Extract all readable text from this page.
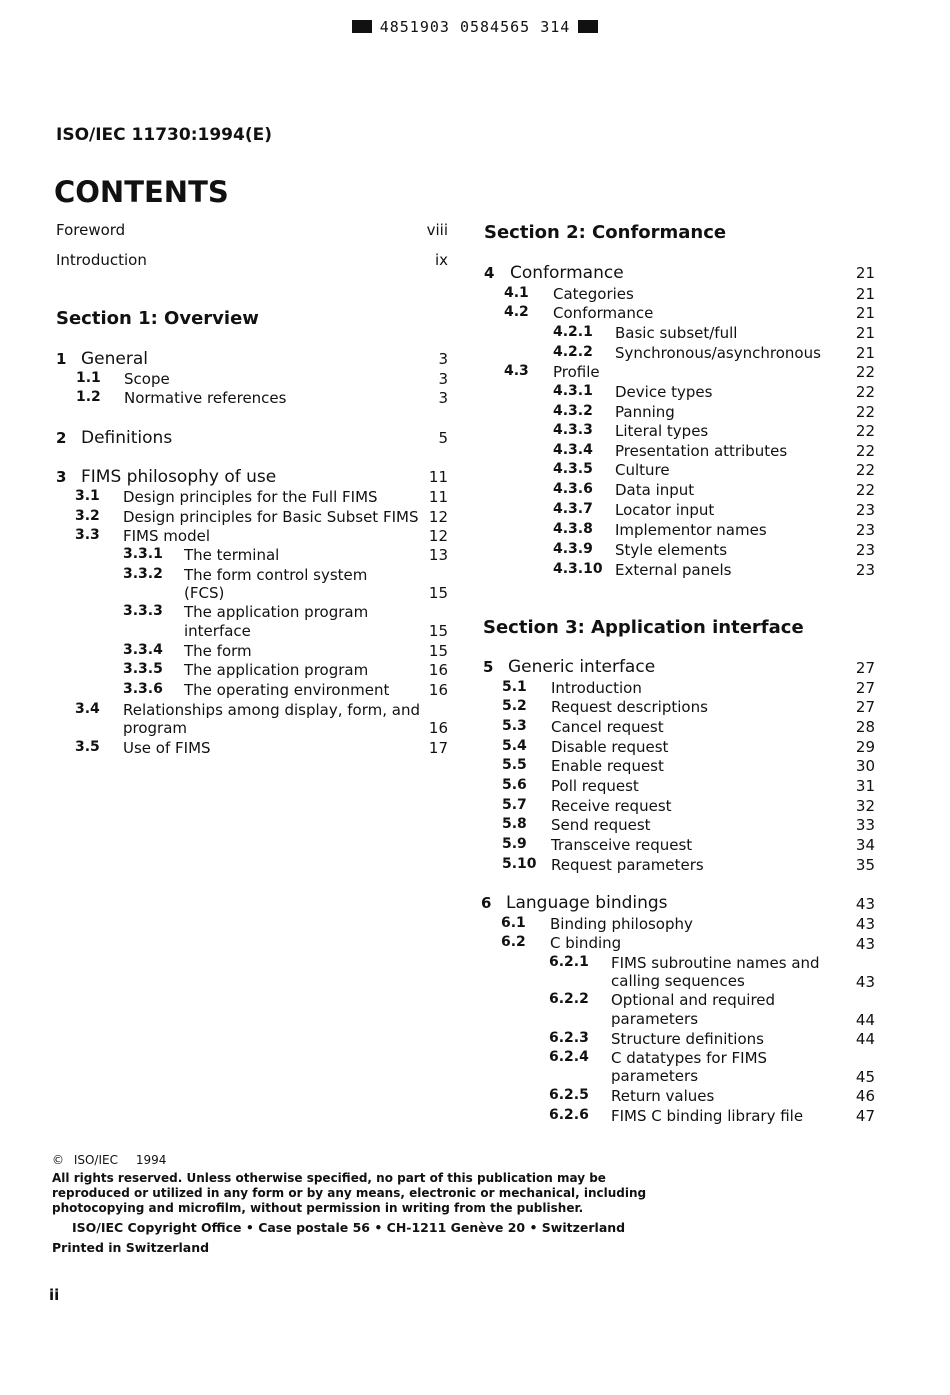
4851903 0584565 314
ISO/IEC 11730:1994(E)
CONTENTS
Foreword	viii
Introduction	ix
Section 1: Overview
1 General	3
1.1 Scope	3
1.2 Normative references	3
2 Definitions	5
3 FIMS philosophy of use	11
3.1 Design principles for the Full FIMS	11
3.2 Design principles for Basic Subset FIMS 12
3.3 FIMS model	12
3.3.1 The terminal	13
3.3.2 The form control system
(FCS)	15
3.3.3 The application program
interface	15
3.3.4 The form	15
3.3.5 The application program	16
3.3.6 The operating environment	16
3.4 Relationships among display, form, and
program	16
3.5 Use of FIMS	17
Section 2: Conformance
4 Conformance	21
4.1 Categories	21
4.2 Conformance	21
4.2.1 Basic subset/full	21
4.2.2 Synchronous/asynchronous	21
4.3 Profile	22
4.3.1 Device types	22
4.3.2 Panning	22
4.3.3 Literal types	22
4.3.4 Presentation attributes	22
4.3.5 Culture	22
4.3.6 Data input	22
4.3.7 Locator input	23
4.3.8 Implementor names	23
4.3.9 Style elements	23
4.3.10 External panels	23
Section 3: Application interface
5 Generic interface	27
5.1 Introduction	27
5.2 Request descriptions	27
5.3 Cancel request	28
5.4 Disable request	29
5.5 Enable request	30
5.6 Poll request	31
5.7 Receive request	32
5.8 Send request	33
5.9 Transceive request	34
5.10 Request parameters	35
6 Language bindings	43
6.1 Binding philosophy	43
6.2 C binding	43
6.2.1 FIMS subroutine names and
calling sequences	43
6.2.2 Optional and required
parameters	44
6.2.3 Structure definitions	44
6.2.4 C datatypes for FIMS
parameters	45
6.2.5 Return values	46
6.2.6 FIMS C binding library file	47
© ISO/IEC 1994
All rights reserved. Unless otherwise specified, no part of this publication may be
reproduced or utilized in any form or by any means, electronic or mechanical, including
photocopying and microfilm, without permission in writing from the publisher.
ISO/IEC Copyright Office • Case postale 56 • CH-1211 Genève 20 • Switzerland
Printed in Switzerland
ii
